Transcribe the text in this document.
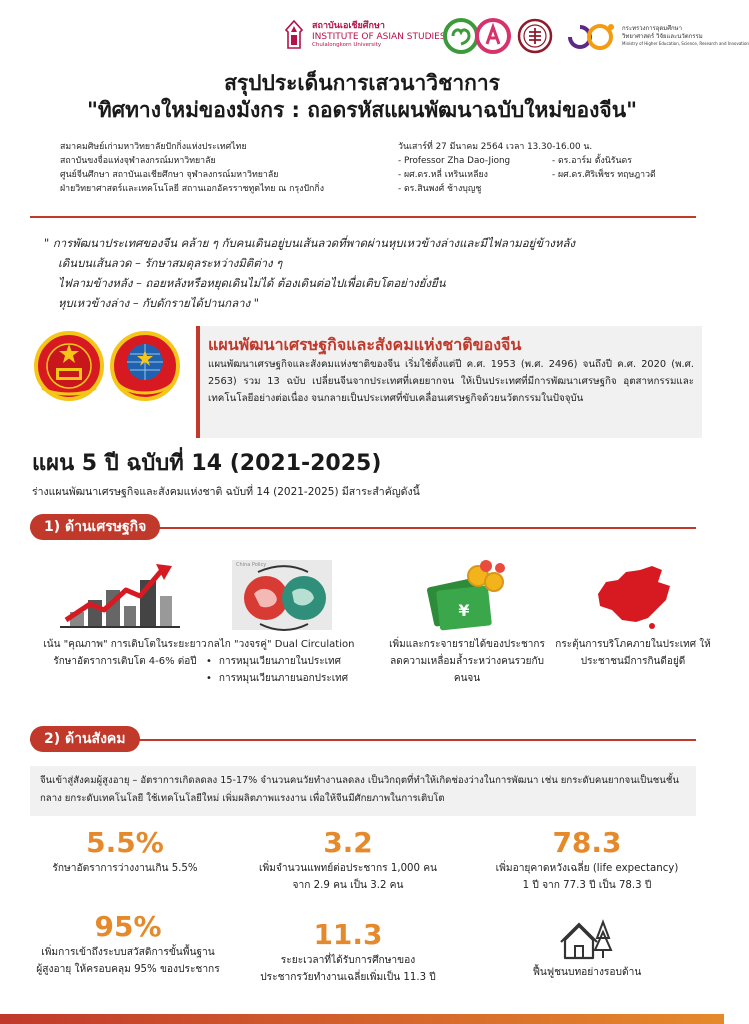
สถาบันเอเชียศึกษา
INSTITUTE OF ASIAN STUDIES
Chulalongkorn University
กระทรวงการอุดมศึกษา
วิทยาศาสตร์ วิจัยและนวัตกรรม
Ministry of Higher Education, Science, Research and Innovation
สรุปประเด็นการเสวนาวิชาการ
"ทิศทางใหม่ของมังกร : ถอดรหัสแผนพัฒนาฉบับใหม่ของจีน"
สมาคมศิษย์เก่ามหาวิทยาลัยปักกิ่งแห่งประเทศไทย
สถาบันขงจื่อแห่งจุฬาลงกรณ์มหาวิทยาลัย
ศูนย์จีนศึกษา สถาบันเอเชียศึกษา จุฬาลงกรณ์มหาวิทยาลัย
ฝ่ายวิทยาศาสตร์และเทคโนโลยี สถานเอกอัครราชทูตไทย ณ กรุงปักกิ่ง
วันเสาร์ที่ 27 มีนาคม 2564 เวลา 13.30-16.00 น.
- Professor Zha Dao-Jiong	- ดร.อาร์ม ตั้งนิรันดร
- ผศ.ดร.หลี่ เหรินเหลียง	- ผศ.ดร.ศิริเพ็ชร ทฤษฎาวดี
- ดร.สินพงศ์ ช้างบุญชู
" การพัฒนาประเทศของจีน คล้าย ๆ กับคนเดินอยู่บนเส้นลวดที่พาดผ่านหุบเหวข้างล่างและมีไฟลามอยู่ข้างหลัง
เดินบนเส้นลวด – รักษาสมดุลระหว่างมิติต่าง ๆ
ไฟลามข้างหลัง – ถอยหลังหรือหยุดเดินไม่ได้ ต้องเดินต่อไปเพื่อเติบโตอย่างยั่งยืน
หุบเหวข้างล่าง – กับดักรายได้ปานกลาง "
แผนพัฒนาเศรษฐกิจและสังคมแห่งชาติของจีน
แผนพัฒนาเศรษฐกิจและสังคมแห่งชาติของจีน เริ่มใช้ตั้งแต่ปี ค.ศ. 1953 (พ.ศ. 2496) จนถึงปี ค.ศ. 2020 (พ.ศ. 2563) รวม 13 ฉบับ เปลี่ยนจีนจากประเทศที่เคยยากจน ให้เป็นประเทศที่มีการพัฒนาเศรษฐกิจ อุตสาหกรรมและเทคโนโลยีอย่างต่อเนื่อง จนกลายเป็นประเทศที่ขับเคลื่อนเศรษฐกิจด้วยนวัตกรรมในปัจจุบัน
แผน 5 ปี ฉบับที่ 14 (2021-2025)
ร่างแผนพัฒนาเศรษฐกิจและสังคมแห่งชาติ ฉบับที่ 14 (2021-2025) มีสาระสำคัญดังนี้
1) ด้านเศรษฐกิจ
เน้น "คุณภาพ" การเติบโตในระยะยาว รักษาอัตราการเติบโต 4-6% ต่อปี
China Policy
กลไก "วงจรคู่" Dual Circulation
• การหมุนเวียนภายในประเทศ
• การหมุนเวียนภายนอกประเทศ
¥
เพิ่มและกระจายรายได้ของประชากร ลดความเหลื่อมล้ำระหว่างคนรวยกับคนจน
กระตุ้นการบริโภคภายในประเทศ ให้ประชาชนมีการกินดีอยู่ดี
2) ด้านสังคม
จีนเข้าสู่สังคมผู้สูงอายุ – อัตราการเกิดลดลง 15-17% จำนวนคนวัยทำงานลดลง เป็นวิกฤตที่ทำให้เกิดช่องว่างในการพัฒนา เช่น ยกระดับคนยากจนเป็นชนชั้นกลาง ยกระดับเทคโนโลยี ใช้เทคโนโลยีใหม่ เพิ่มผลิตภาพแรงงาน เพื่อให้จีนมีศักยภาพในการเติบโต
5.5%
รักษาอัตราการว่างงานเกิน 5.5%
3.2
เพิ่มจำนวนแพทย์ต่อประชากร 1,000 คน
จาก 2.9 คน เป็น 3.2 คน
78.3
เพิ่มอายุคาดหวังเฉลี่ย (life expectancy)
1 ปี จาก 77.3 ปี เป็น 78.3 ปี
95%
เพิ่มการเข้าถึงระบบสวัสดิการขั้นพื้นฐาน
ผู้สูงอายุ ให้ครอบคลุม 95% ของประชากร
11.3
ระยะเวลาที่ได้รับการศึกษาของ
ประชากรวัยทำงานเฉลี่ยเพิ่มเป็น 11.3 ปี	ฟื้นฟูชนบทอย่างรอบด้าน
